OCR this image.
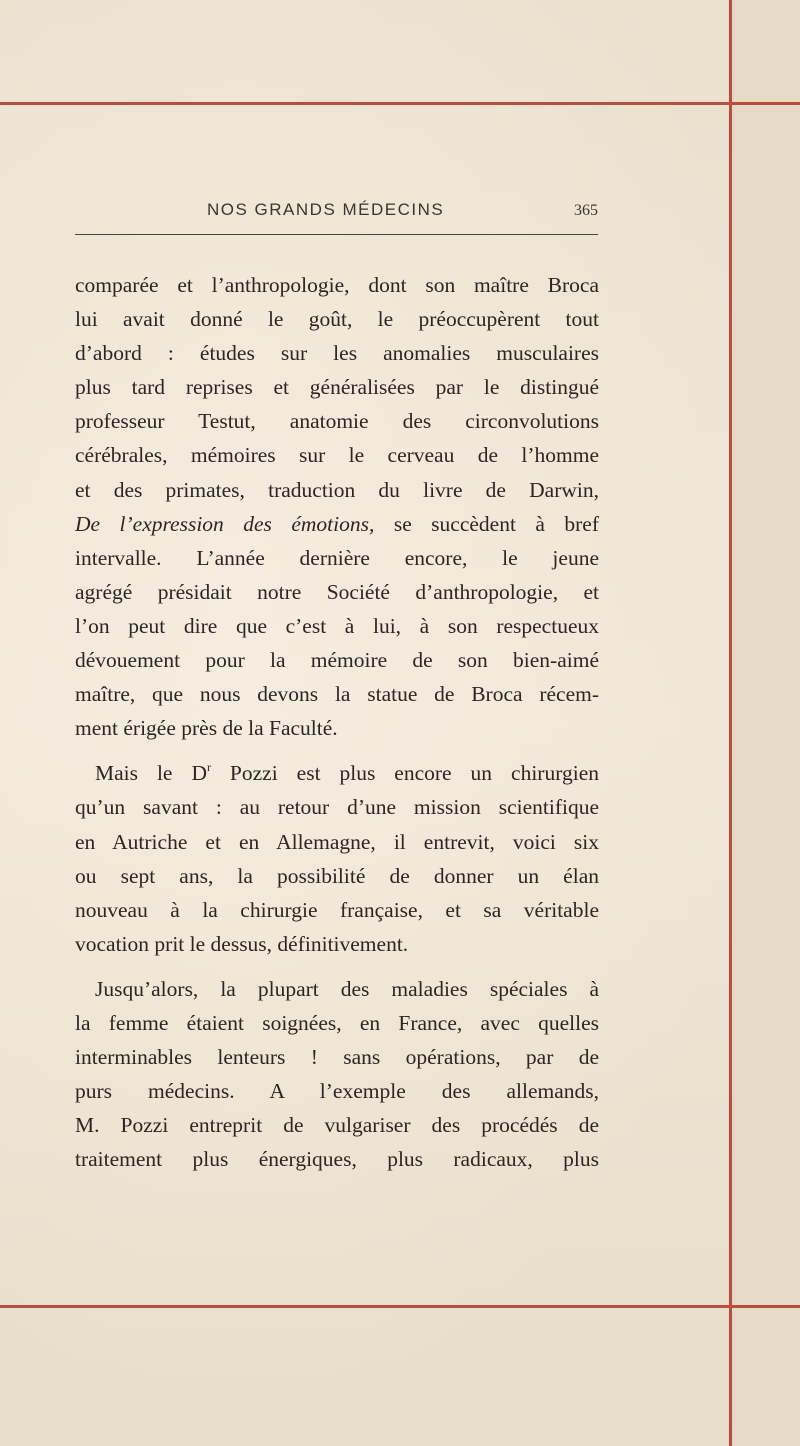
NOS GRANDS MÉDECINS	365
comparée et l’anthropologie, dont son maître Broca
lui avait donné le goût, le préoccupèrent tout
d’abord : études sur les anomalies musculaires
plus tard reprises et généralisées par le distingué
professeur Testut, anatomie des circonvolutions
cérébrales, mémoires sur le cerveau de l’homme
et des primates, traduction du livre de Darwin,
De l’expression des émotions, se succèdent à bref
intervalle. L’année dernière encore, le jeune
agrégé présidait notre Société d’anthropologie, et
l’on peut dire que c’est à lui, à son respectueux
dévouement pour la mémoire de son bien-aimé
maître, que nous devons la statue de Broca récem-
ment érigée près de la Faculté.
Mais le $D^r$ Pozzi est plus encore un chirurgien
qu’un savant : au retour d’une mission scientifique
en Autriche et en Allemagne, il entrevit, voici six
ou sept ans, la possibilité de donner un élan
nouveau à la chirurgie française, et sa véritable
vocation prit le dessus, définitivement.
Jusqu’alors, la plupart des maladies spéciales à
la femme étaient soignées, en France, avec quelles
interminables lenteurs ! sans opérations, par de
purs médecins. A l’exemple des allemands,
M. Pozzi entreprit de vulgariser des procédés de
traitement plus énergiques, plus radicaux, plus
